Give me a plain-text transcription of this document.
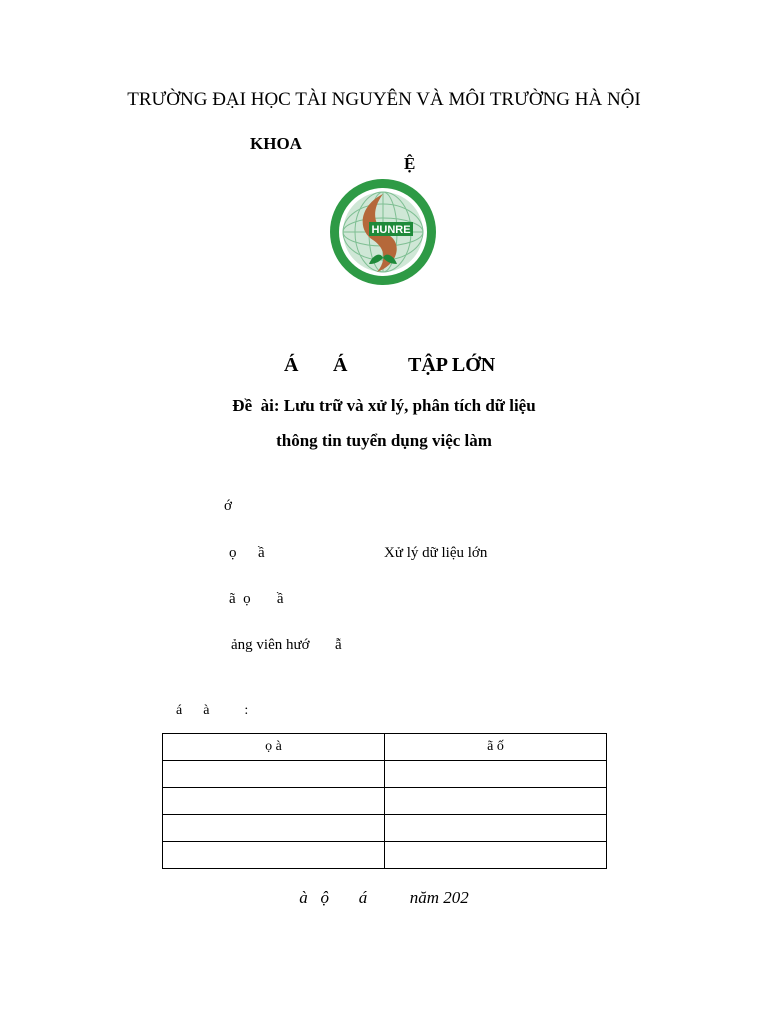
TRƯỜNG ĐẠI HỌC TÀI NGUYÊN VÀ MÔI TRƯỜNG HÀ NỘI

KHOA

Ệ

HUNRE
Á Á	TẬP LỚN
Đề  ài: Lưu trữ và xử lý, phân tích dữ liệu
thông tin tuyển dụng việc làm
ớ
ọ ầ	Xử lý dữ liệu lớn
ã  ọ       ầ
ảng viên hướ ẫ
á      à          :
ọ à	ã ố

à   ộ       á          năm 202
